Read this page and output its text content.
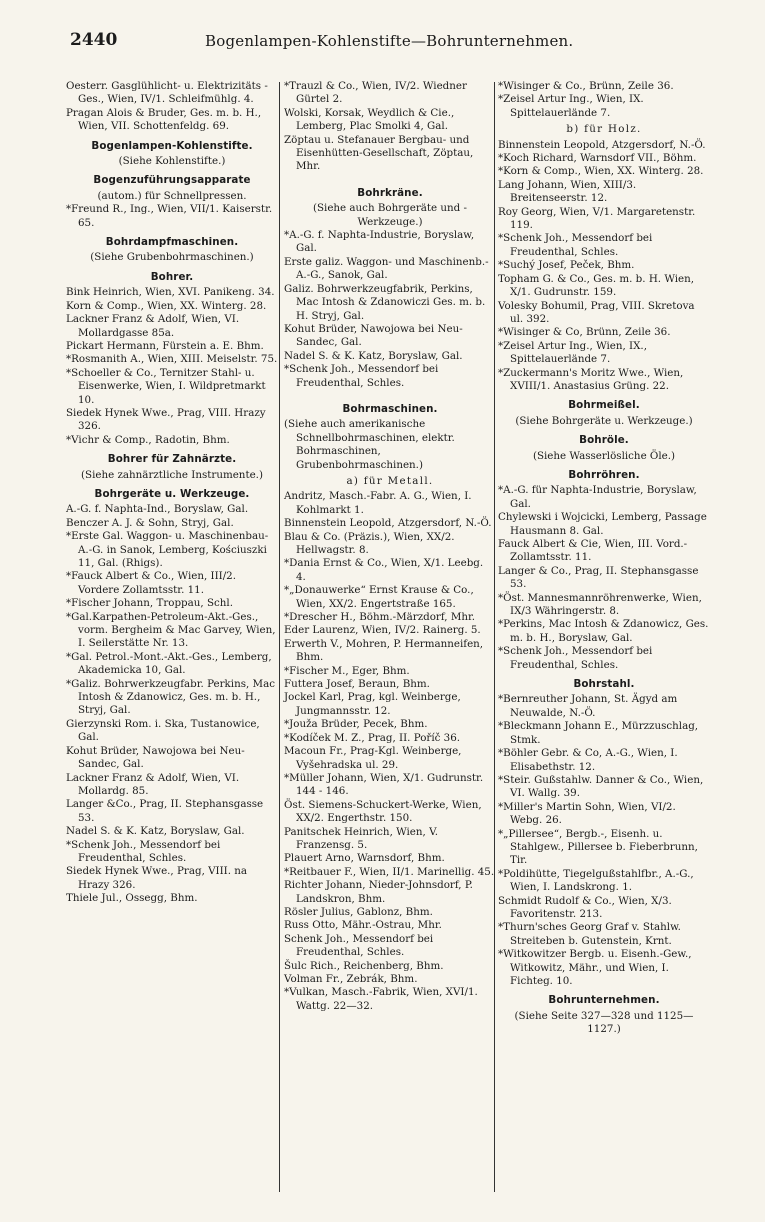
2440	Bogenlampen-Kohlenstifte—Bohrunternehmen.
Oesterr. Gasglühlicht- u. Elektrizitäts - Ges., Wien, IV/1. Schleifmühlg. 4.
Pragan Alois & Bruder, Ges. m. b. H., Wien, VII. Schottenfeldg. 69.
Bogenlampen-Kohlenstifte.
(Siehe Kohlenstifte.)
Bogenzuführungsapparate
(autom.) für Schnellpressen.
*Freund R., Ing., Wien, VII/1. Kaiserstr. 65.
Bohrdampfmaschinen.
(Siehe Grubenbohrmaschinen.)
Bohrer.
Bink Heinrich, Wien, XVI. Panikeng. 34.
Korn & Comp., Wien, XX. Winterg. 28.
Lackner Franz & Adolf, Wien, VI. Mollardgasse 85a.
Pickart Hermann, Fürstein a. E. Bhm.
*Rosmanith A., Wien, XIII. Meiselstr. 75.
*Schoeller & Co., Ternitzer Stahl- u. Eisenwerke, Wien, I. Wildpretmarkt 10.
Siedek Hynek Wwe., Prag, VIII. Hrazy 326.
*Vichr & Comp., Radotin, Bhm.
Bohrer für Zahnärzte.
(Siehe zahnärztliche Instrumente.)
Bohrgeräte u. Werkzeuge.
A.-G. f. Naphta-Ind., Boryslaw, Gal.
Benczer A. J. & Sohn, Stryj, Gal.
*Erste Gal. Waggon- u. Maschinenbau-A.-G. in Sanok, Lemberg, Kościuszki 11, Gal. (Rhigs).
*Fauck Albert & Co., Wien, III/2. Vordere Zollamtsstr. 11.
*Fischer Johann, Troppau, Schl.
*Gal.Karpathen-Petroleum-Akt.-Ges., vorm. Bergheim & Mac Garvey, Wien, I. Seilerstätte Nr. 13.
*Gal. Petrol.-Mont.-Akt.-Ges., Lemberg, Akademicka 10, Gal.
*Galiz. Bohrwerkzeugfabr. Perkins, Mac Intosh & Zdanowicz, Ges. m. b. H., Stryj, Gal.
Gierzynski Rom. i. Ska, Tustanowice, Gal.
Kohut Brüder, Nawojowa bei Neu-Sandec, Gal.
Lackner Franz & Adolf, Wien, VI. Mollardg. 85.
Langer &Co., Prag, II. Stephansgasse 53.
Nadel S. & K. Katz, Boryslaw, Gal.
*Schenk Joh., Messendorf bei Freudenthal, Schles.
Siedek Hynek Wwe., Prag, VIII. na Hrazy 326.
Thiele Jul., Ossegg, Bhm.
*Trauzl & Co., Wien, IV/2. Wiedner Gürtel 2.
Wolski, Korsak, Weydlich & Cie., Lemberg, Plac Smolki 4, Gal.
Zöptau u. Stefanauer Bergbau- und Eisenhütten-Gesellschaft, Zöptau, Mhr.
Bohrkräne.
(Siehe auch Bohrgeräte und -Werkzeuge.)
*A.-G. f. Naphta-Industrie, Boryslaw, Gal.
Erste galiz. Waggon- und Maschinenb.-A.-G., Sanok, Gal.
Galiz. Bohrwerkzeugfabrik, Perkins, Mac Intosh & Zdanowiczi Ges. m. b. H. Stryj, Gal.
Kohut Brüder, Nawojowa bei Neu-Sandec, Gal.
Nadel S. & K. Katz, Boryslaw, Gal.
*Schenk Joh., Messendorf bei Freudenthal, Schles.
Bohrmaschinen.
(Siehe auch amerikanische Schnellbohrmaschinen, elektr. Bohrmaschinen, Grubenbohrmaschinen.)
a) für Metall.
Andritz, Masch.-Fabr. A. G., Wien, I. Kohlmarkt 1.
Binnenstein Leopold, Atzgersdorf, N.-Ö.
Blau & Co. (Präzis.), Wien, XX/2. Hellwagstr. 8.
*Dania Ernst & Co., Wien, X/1. Leebg. 4.
*„Donauwerke“ Ernst Krause & Co., Wien, XX/2. Engertstraße 165.
*Drescher H., Böhm.-Märzdorf, Mhr.
Eder Laurenz, Wien, IV/2. Rainerg. 5.
Erwerth V., Mohren, P. Hermanneifen, Bhm.
*Fischer M., Eger, Bhm.
Futtera Josef, Beraun, Bhm.
Jockel Karl, Prag, kgl. Weinberge, Jungmannsstr. 12.
*Jouža Brüder, Pecek, Bhm.
*Kodíček M. Z., Prag, II. Poříč 36.
Macoun Fr., Prag-Kgl. Weinberge, Vyšehradska ul. 29.
*Müller Johann, Wien, X/1. Gudrunstr. 144 - 146.
Öst. Siemens-Schuckert-Werke, Wien, XX/2. Engerthstr. 150.
Panitschek Heinrich, Wien, V. Franzensg. 5.
Plauert Arno, Warnsdorf, Bhm.
*Reitbauer F., Wien, II/1. Marinellig. 45.
Richter Johann, Nieder-Johnsdorf, P. Landskron, Bhm.
Rösler Julius, Gablonz, Bhm.
Russ Otto, Mähr.-Ostrau, Mhr.
Schenk Joh., Messendorf bei Freudenthal, Schles.
Šulc Rich., Reichenberg, Bhm.
Volman Fr., Zebrák, Bhm.
*Vulkan, Masch.-Fabrik, Wien, XVI/1. Wattg. 22—32.
*Wisinger & Co., Brünn, Zeile 36.
*Zeisel Artur Ing., Wien, IX. Spittelauerlände 7.
b) für Holz.
Binnenstein Leopold, Atzgersdorf, N.-Ö.
*Koch Richard, Warnsdorf VII., Böhm.
*Korn & Comp., Wien, XX. Winterg. 28.
Lang Johann, Wien, XIII/3. Breitenseerstr. 12.
Roy Georg, Wien, V/1. Margaretenstr. 119.
*Schenk Joh., Messendorf bei Freudenthal, Schles.
*Suchý Josef, Peček, Bhm.
Topham G. & Co., Ges. m. b. H. Wien, X/1. Gudrunstr. 159.
Volesky Bohumil, Prag, VIII. Skretova ul. 392.
*Wisinger & Co, Brünn, Zeile 36.
*Zeisel Artur Ing., Wien, IX., Spittelauerlände 7.
*Zuckermann's Moritz Wwe., Wien, XVIII/1. Anastasius Grüng. 22.
Bohrmeißel.
(Siehe Bohrgeräte u. Werkzeuge.)
Bohröle.
(Siehe Wasserlösliche Öle.)
Bohrröhren.
*A.-G. für Naphta-Industrie, Boryslaw, Gal.
Chylewski i Wojcicki, Lemberg, Passage Hausmann 8. Gal.
Fauck Albert & Cie, Wien, III. Vord.-Zollamtsstr. 11.
Langer & Co., Prag, II. Stephansgasse 53.
*Öst. Mannesmannröhrenwerke, Wien, IX/3 Währingerstr. 8.
*Perkins, Mac Intosh & Zdanowicz, Ges. m. b. H., Boryslaw, Gal.
*Schenk Joh., Messendorf bei Freudenthal, Schles.
Bohrstahl.
*Bernreuther Johann, St. Ägyd am Neuwalde, N.-Ö.
*Bleckmann Johann E., Mürzzuschlag, Stmk.
*Böhler Gebr. & Co, A.-G., Wien, I. Elisabethstr. 12.
*Steir. Gußstahlw. Danner & Co., Wien, VI. Wallg. 39.
*Miller's Martin Sohn, Wien, VI/2. Webg. 26.
*„Pillersee“, Bergb.-, Eisenh. u. Stahlgew., Pillersee b. Fieberbrunn, Tir.
*Poldihütte, Tiegelgußstahlfbr., A.-G., Wien, I. Landskrong. 1.
Schmidt Rudolf & Co., Wien, X/3. Favoritenstr. 213.
*Thurn'sches Georg Graf v. Stahlw. Streiteben b. Gutenstein, Krnt.
*Witkowitzer Bergb. u. Eisenh.-Gew., Witkowitz, Mähr., und Wien, I. Fichteg. 10.
Bohrunternehmen.
(Siehe Seite 327—328 und 1125—1127.)
